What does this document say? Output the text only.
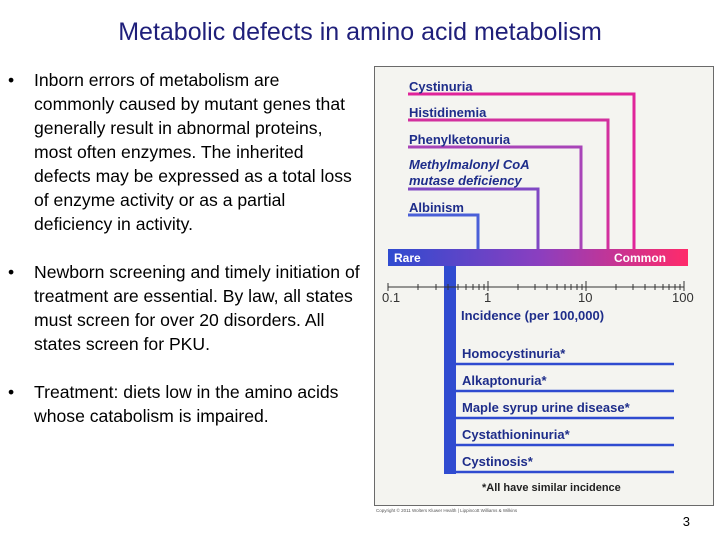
Metabolic defects in amino acid metabolism
• Inborn errors of metabolism are commonly caused by mutant genes that generally result in abnormal proteins, most often enzymes. The inherited defects may be expressed as a total loss of enzyme activity or as a partial deficiency in activity.
• Newborn screening and timely initiation of treatment are essential. By law, all states must screen for over 20 disorders. All states screen for PKU.
• Treatment: diets low in the amino acids whose catabolism is impaired.
Cystinuria
Histidinemia
Phenylketonuria
Methylmalonyl CoA
mutase deficiency
Albinism
Rare	Common
0.1	1	10	100
Incidence (per 100,000)
Homocystinuria*
Alkaptonuria*
Maple syrup urine disease*
Cystathioninuria*
Cystinosis*
*All have similar incidence
Copyright © 2011 Wolters Kluwer Health | Lippincott Williams & Wilkins
3
